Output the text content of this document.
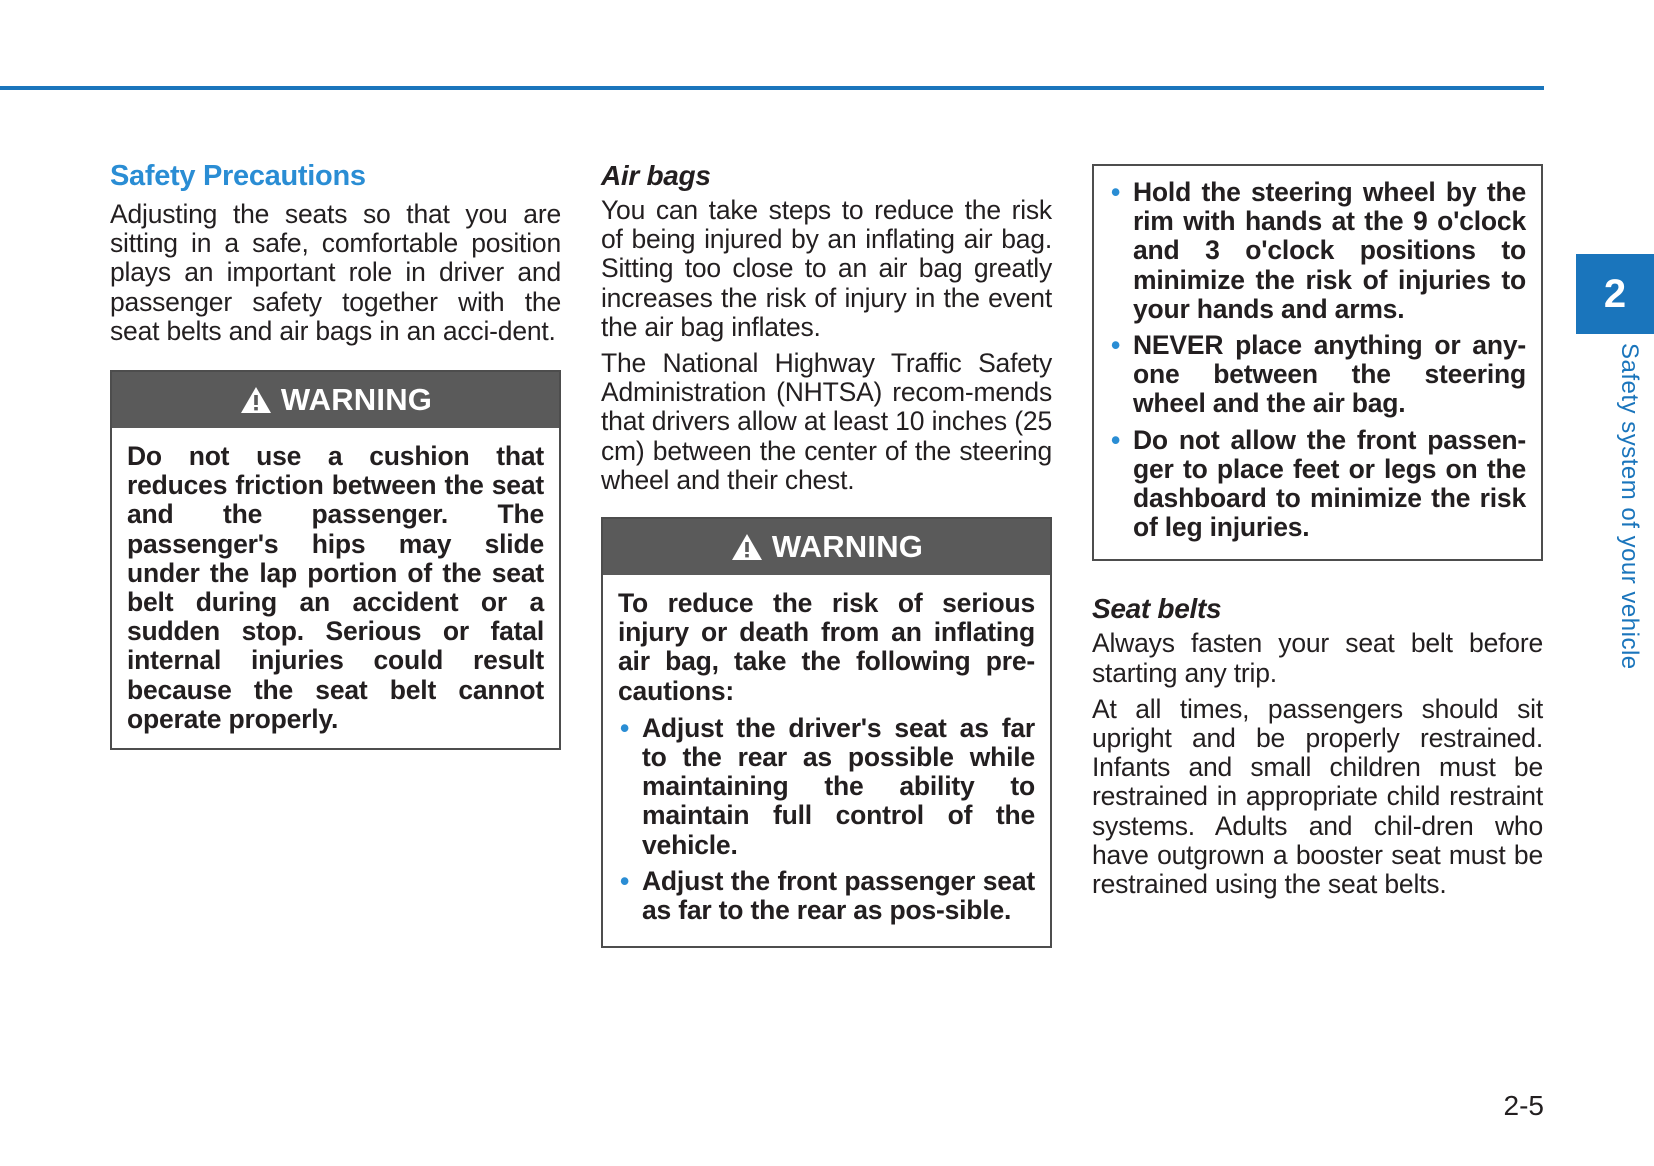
Safety Precautions

Adjusting the seats so that you are sitting in a safe, comfortable position plays an important role in driver and passenger safety together with the seat belts and air bags in an acci-dent.

WARNING

Do not use a cushion that reduces friction between the seat and the passenger. The passenger's hips may slide under the lap portion of the seat belt during an accident or a sudden stop. Serious or fatal internal injuries could result because the seat belt cannot operate properly.

Air bags

You can take steps to reduce the risk of being injured by an inflating air bag. Sitting too close to an air bag greatly increases the risk of injury in the event the air bag inflates.

The National Highway Traffic Safety Administration (NHTSA) recom-mends that drivers allow at least 10 inches (25 cm) between the center of the steering wheel and their chest.

WARNING

To reduce the risk of serious injury or death from an inflating air bag, take the following pre-cautions:

• Adjust the driver's seat as far to the rear as possible while maintaining the ability to maintain full control of the vehicle.
• Adjust the front passenger seat as far to the rear as pos-sible.
• Hold the steering wheel by the rim with hands at the 9 o'clock and 3 o'clock positions to minimize the risk of injuries to your hands and arms.
• NEVER place anything or any-one between the steering wheel and the air bag.
• Do not allow the front passen-ger to place feet or legs on the dashboard to minimize the risk of leg injuries.
Seat belts

Always fasten your seat belt before starting any trip.

At all times, passengers should sit upright and be properly restrained. Infants and small children must be restrained in appropriate child restraint systems. Adults and chil-dren who have outgrown a booster seat must be restrained using the seat belts.

2
Safety system of your vehicle
2-5
